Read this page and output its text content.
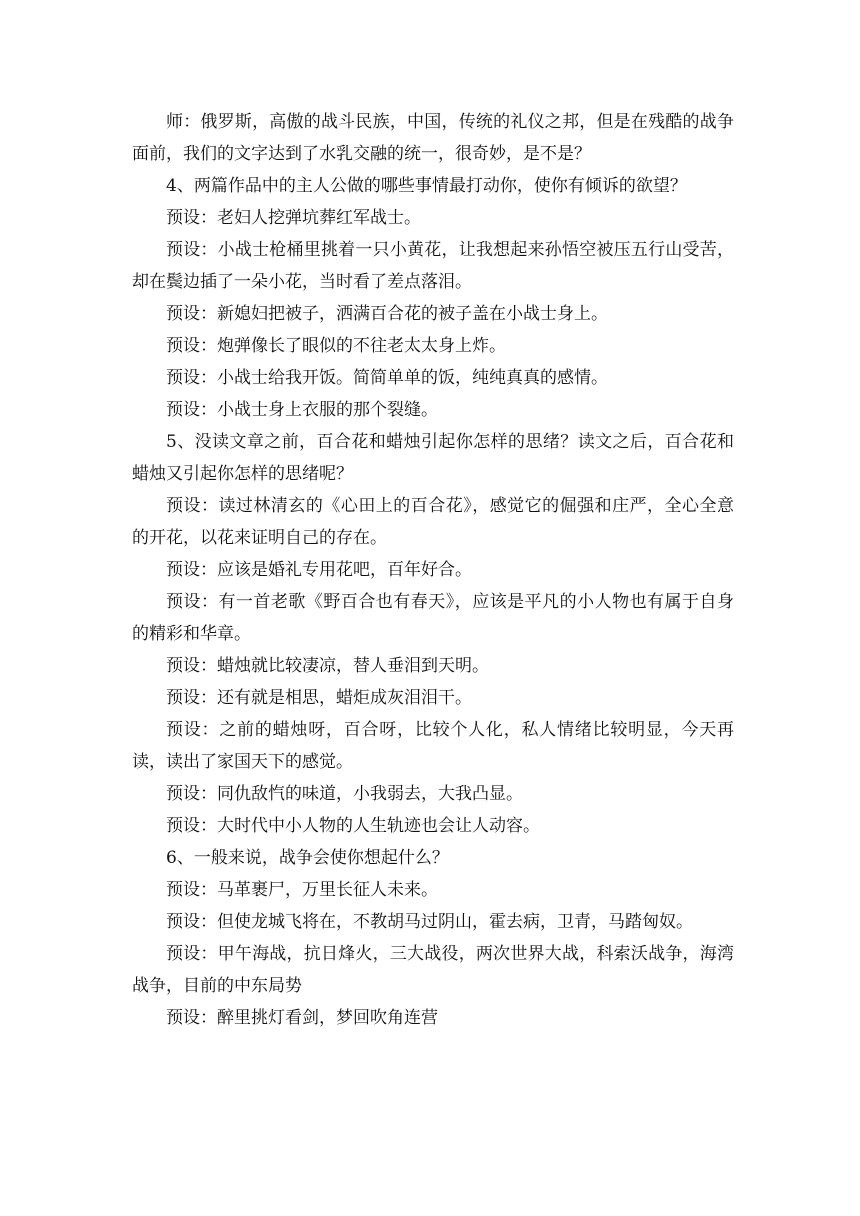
师：俄罗斯，高傲的战斗民族，中国，传统的礼仪之邦，但是在残酷的战争面前，我们的文字达到了水乳交融的统一，很奇妙，是不是？

4、两篇作品中的主人公做的哪些事情最打动你，使你有倾诉的欲望？

预设：老妇人挖弹坑葬红军战士。

预设：小战士枪桶里挑着一只小黄花，让我想起来孙悟空被压五行山受苦，却在鬓边插了一朵小花，当时看了差点落泪。

预设：新媳妇把被子，洒满百合花的被子盖在小战士身上。

预设：炮弹像长了眼似的不往老太太身上炸。

预设：小战士给我开饭。简简单单的饭，纯纯真真的感情。

预设：小战士身上衣服的那个裂缝。

5、没读文章之前，百合花和蜡烛引起你怎样的思绪？读文之后，百合花和蜡烛又引起你怎样的思绪呢？

预设：读过林清玄的《心田上的百合花》，感觉它的倔强和庄严，全心全意的开花，以花来证明自己的存在。

预设：应该是婚礼专用花吧，百年好合。

预设：有一首老歌《野百合也有春天》，应该是平凡的小人物也有属于自身的精彩和华章。

预设：蜡烛就比较凄凉，替人垂泪到天明。

预设：还有就是相思，蜡炬成灰泪泪干。

预设：之前的蜡烛呀，百合呀，比较个人化，私人情绪比较明显，今天再读，读出了家国天下的感觉。

预设：同仇敌忾的味道，小我弱去，大我凸显。

预设：大时代中小人物的人生轨迹也会让人动容。

6、一般来说，战争会使你想起什么？

预设：马革裹尸，万里长征人未来。

预设：但使龙城飞将在，不教胡马过阴山，霍去病，卫青，马踏匈奴。

预设：甲午海战，抗日烽火，三大战役，两次世界大战，科索沃战争，海湾战争，目前的中东局势

预设：醉里挑灯看剑，梦回吹角连营
